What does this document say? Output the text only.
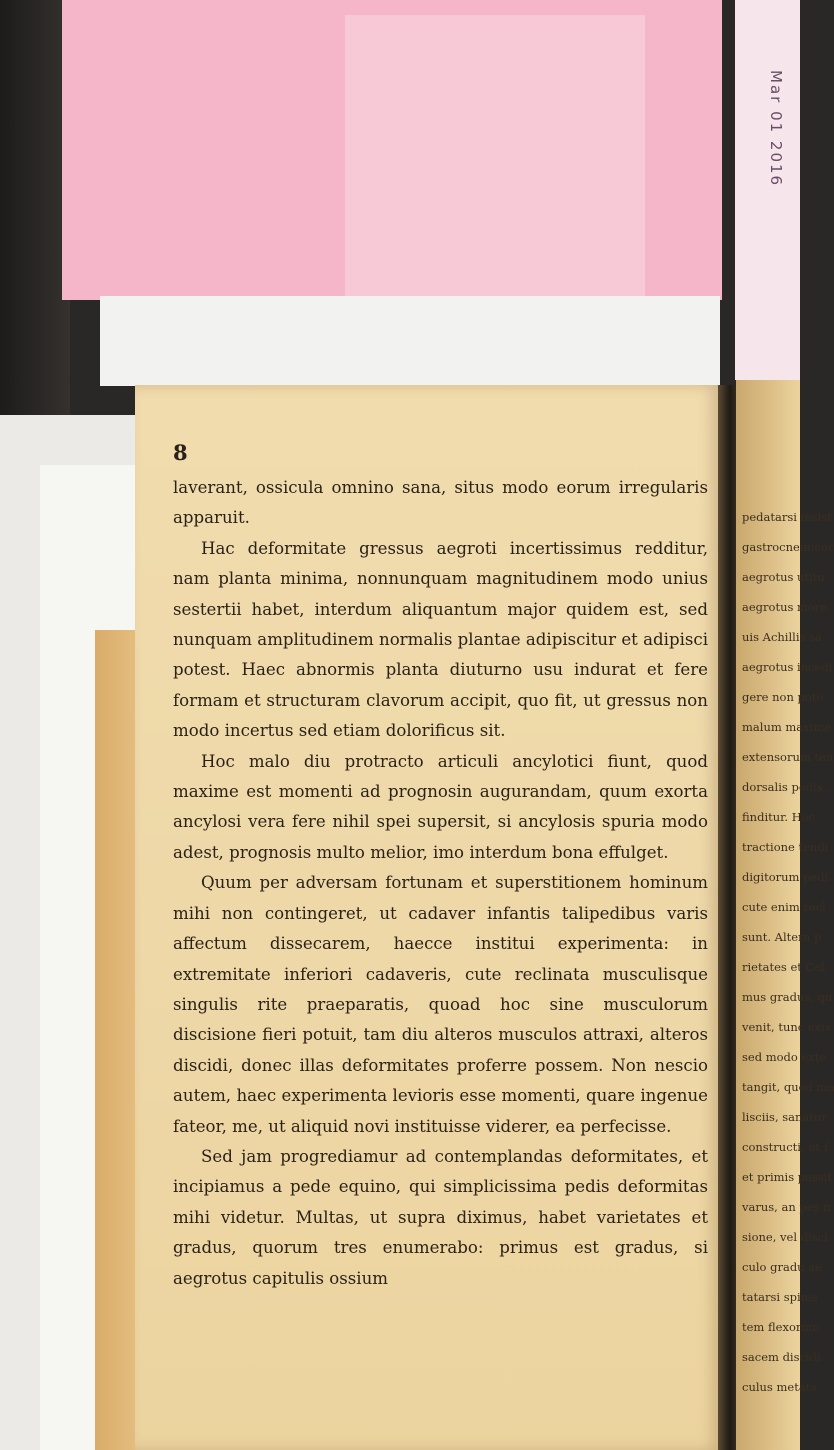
Mar 01 2016
8

laverant, ossicula omnino sana, situs modo eorum irregularis apparuit.

Hac deformitate gressus aegroti incertissimus redditur, nam planta minima, nonnunquam magnitudinem modo unius sestertii habet, interdum aliquantum major quidem est, sed nunquam amplitudinem normalis plantae adipiscitur et adipisci potest. Haec abnormis planta diuturno usu indurat et fere formam et structuram clavorum accipit, quo fit, ut gressus non modo incertus sed etiam dolorificus sit.

Hoc malo diu protracto articuli ancylotici fiunt, quod maxime est momenti ad prognosin augurandam, quum exorta ancylosi vera fere nihil spei supersit, si ancylosis spuria modo adest, prognosis multo melior, imo interdum bona effulget.

Quum per adversam fortunam et superstitionem hominum mihi non contingeret, ut cadaver infantis talipedibus varis affectum dissecarem, haecce institui experimenta: in extremitate inferiori cadaveris, cute reclinata musculisque singulis rite praeparatis, quoad hoc sine musculorum discisione fieri potuit, tam diu alteros musculos attraxi, alteros discidi, donec illas deformitates proferre possem. Non nescio autem, haec experimenta levioris esse momenti, quare ingenue fateor, me, ut aliquid novi instituisse viderer, ea perfecisse.

Sed jam progrediamur ad contemplandas deformitates, et incipiamus a pede equino, qui simplicissima pedis deformitas mihi videtur. Multas, ut supra diximus, habet varietates et gradus, quorum tres enumerabo: primus est gradus, si aegrotus capitulis ossium

pedatarsi insist
gastrocnemicor
aegrotus utitu
aegrotus more
uis Achillis sa
aegrotus incedi
gere non pote
malum maxime
extensorum ten
dorsalis pedis,
finditur. Hoc
tractione tendi
digitorum pedi
cute enim recl
sunt. Altera p
rietates et Cel.
mus gradus, qu
venit, tunc exis
sed modo exte
tangit, quod ma
lisciis, sanatur
constructi, ut f
et primis passit
varus, an pes n
sione, vel disci
culo gradu ae
tatarsi spinis
tem flexorum
sacem discidi
culus metata
